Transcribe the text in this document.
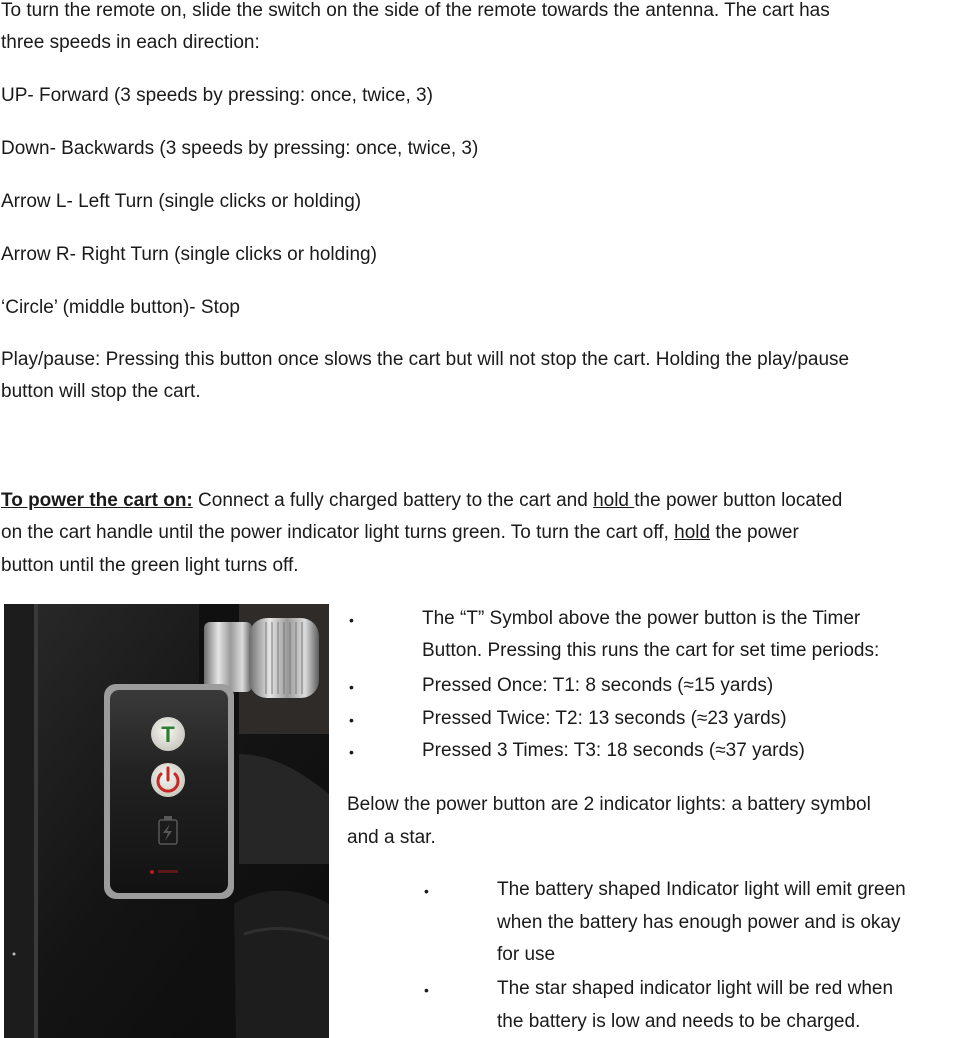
To turn the remote on, slide the switch on the side of the remote towards the antenna. The cart has
three speeds in each direction:
UP- Forward (3 speeds by pressing: once, twice, 3)
Down- Backwards (3 speeds by pressing: once, twice, 3)
Arrow L- Left Turn (single clicks or holding)
Arrow R- Right Turn (single clicks or holding)
‘Circle’ (middle button)- Stop
Play/pause: Pressing this button once slows the cart but will not stop the cart. Holding the play/pause
button will stop the cart.
To power the cart on: Connect a fully charged battery to the cart and hold the power button located
on the cart handle until the power indicator light turns green. To turn the cart off, hold the power
button until the green light turns off.
T
•	The “T” Symbol above the power button is the Timer
Button. Pressing this runs the cart for set time periods:
•	Pressed Once: T1: 8 seconds (≈15 yards)
•	Pressed Twice: T2: 13 seconds (≈23 yards)
•	Pressed 3 Times: T3: 18 seconds (≈37 yards)
Below the power button are 2 indicator lights: a battery symbol
and a star.
•	The battery shaped Indicator light will emit green
when the battery has enough power and is okay
for use
•	The star shaped indicator light will be red when
the battery is low and needs to be charged.
